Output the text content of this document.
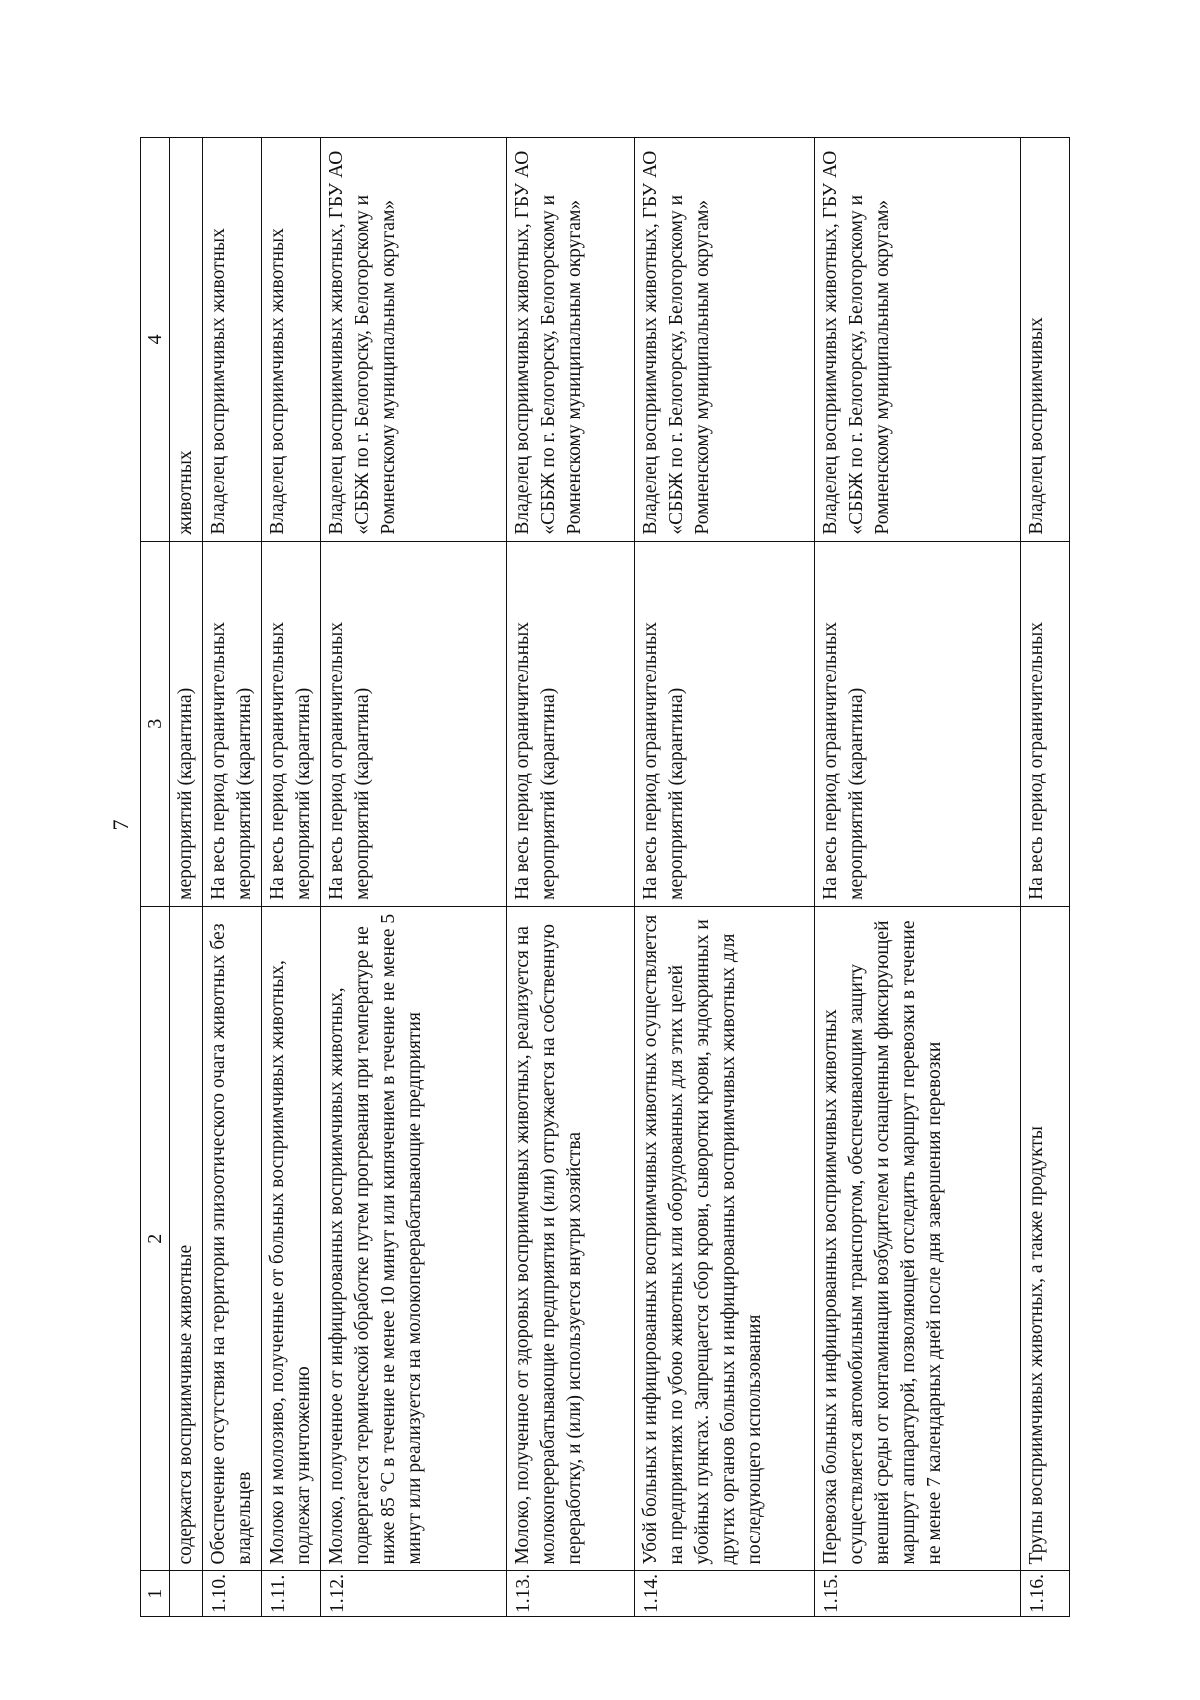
7
1	2	3	4
	содержатся восприимчивые животные	мероприятий (карантина)	животных
1.10.	Обеспечение отсутствия на территории эпизоотического очага животных без владельцев	На весь период ограничительных мероприятий (карантина)	Владелец восприимчивых животных
1.11.	Молоко и молозиво, полученные от больных восприимчивых животных, подлежат уничтожению	На весь период ограничительных мероприятий (карантина)	Владелец восприимчивых животных
1.12.	Молоко, полученное от инфицированных восприимчивых животных, подвергается термической обработке путем прогревания при температуре не ниже 85 °С в течение не менее 10 минут или кипячением в течение не менее 5 минут или реализуется на молокоперерабатывающие предприятия	На весь период ограничительных мероприятий (карантина)	Владелец восприимчивых животных, ГБУ АО «СББЖ по г. Белогорску, Белогорскому и Ромненскому муниципальным округам»
1.13.	Молоко, полученное от здоровых восприимчивых животных, реализуется на молокоперерабатывающие предприятия и (или) отгружается на собственную переработку, и (или) используется внутри хозяйства	На весь период ограничительных мероприятий (карантина)	Владелец восприимчивых животных, ГБУ АО «СББЖ по г. Белогорску, Белогорскому и Ромненскому муниципальным округам»
1.14.	Убой больных и инфицированных восприимчивых животных осуществляется на предприятиях по убою животных или оборудованных для этих целей убойных пунктах. Запрещается сбор крови, сыворотки крови, эндокринных и других органов больных и инфицированных восприимчивых животных для последующего использования	На весь период ограничительных мероприятий (карантина)	Владелец восприимчивых животных, ГБУ АО «СББЖ по г. Белогорску, Белогорскому и Ромненскому муниципальным округам»
1.15.	Перевозка больных и инфицированных восприимчивых животных осуществляется автомобильным транспортом, обеспечивающим защиту внешней среды от контаминации возбудителем и оснащенным фиксирующей маршрут аппаратурой, позволяющей отследить маршрут перевозки в течение не менее 7 календарных дней после дня завершения перевозки	На весь период ограничительных мероприятий (карантина)	Владелец восприимчивых животных, ГБУ АО «СББЖ по г. Белогорску, Белогорскому и Ромненскому муниципальным округам»
1.16.	Трупы восприимчивых животных, а также продукты	На весь период ограничительных	Владелец восприимчивых
